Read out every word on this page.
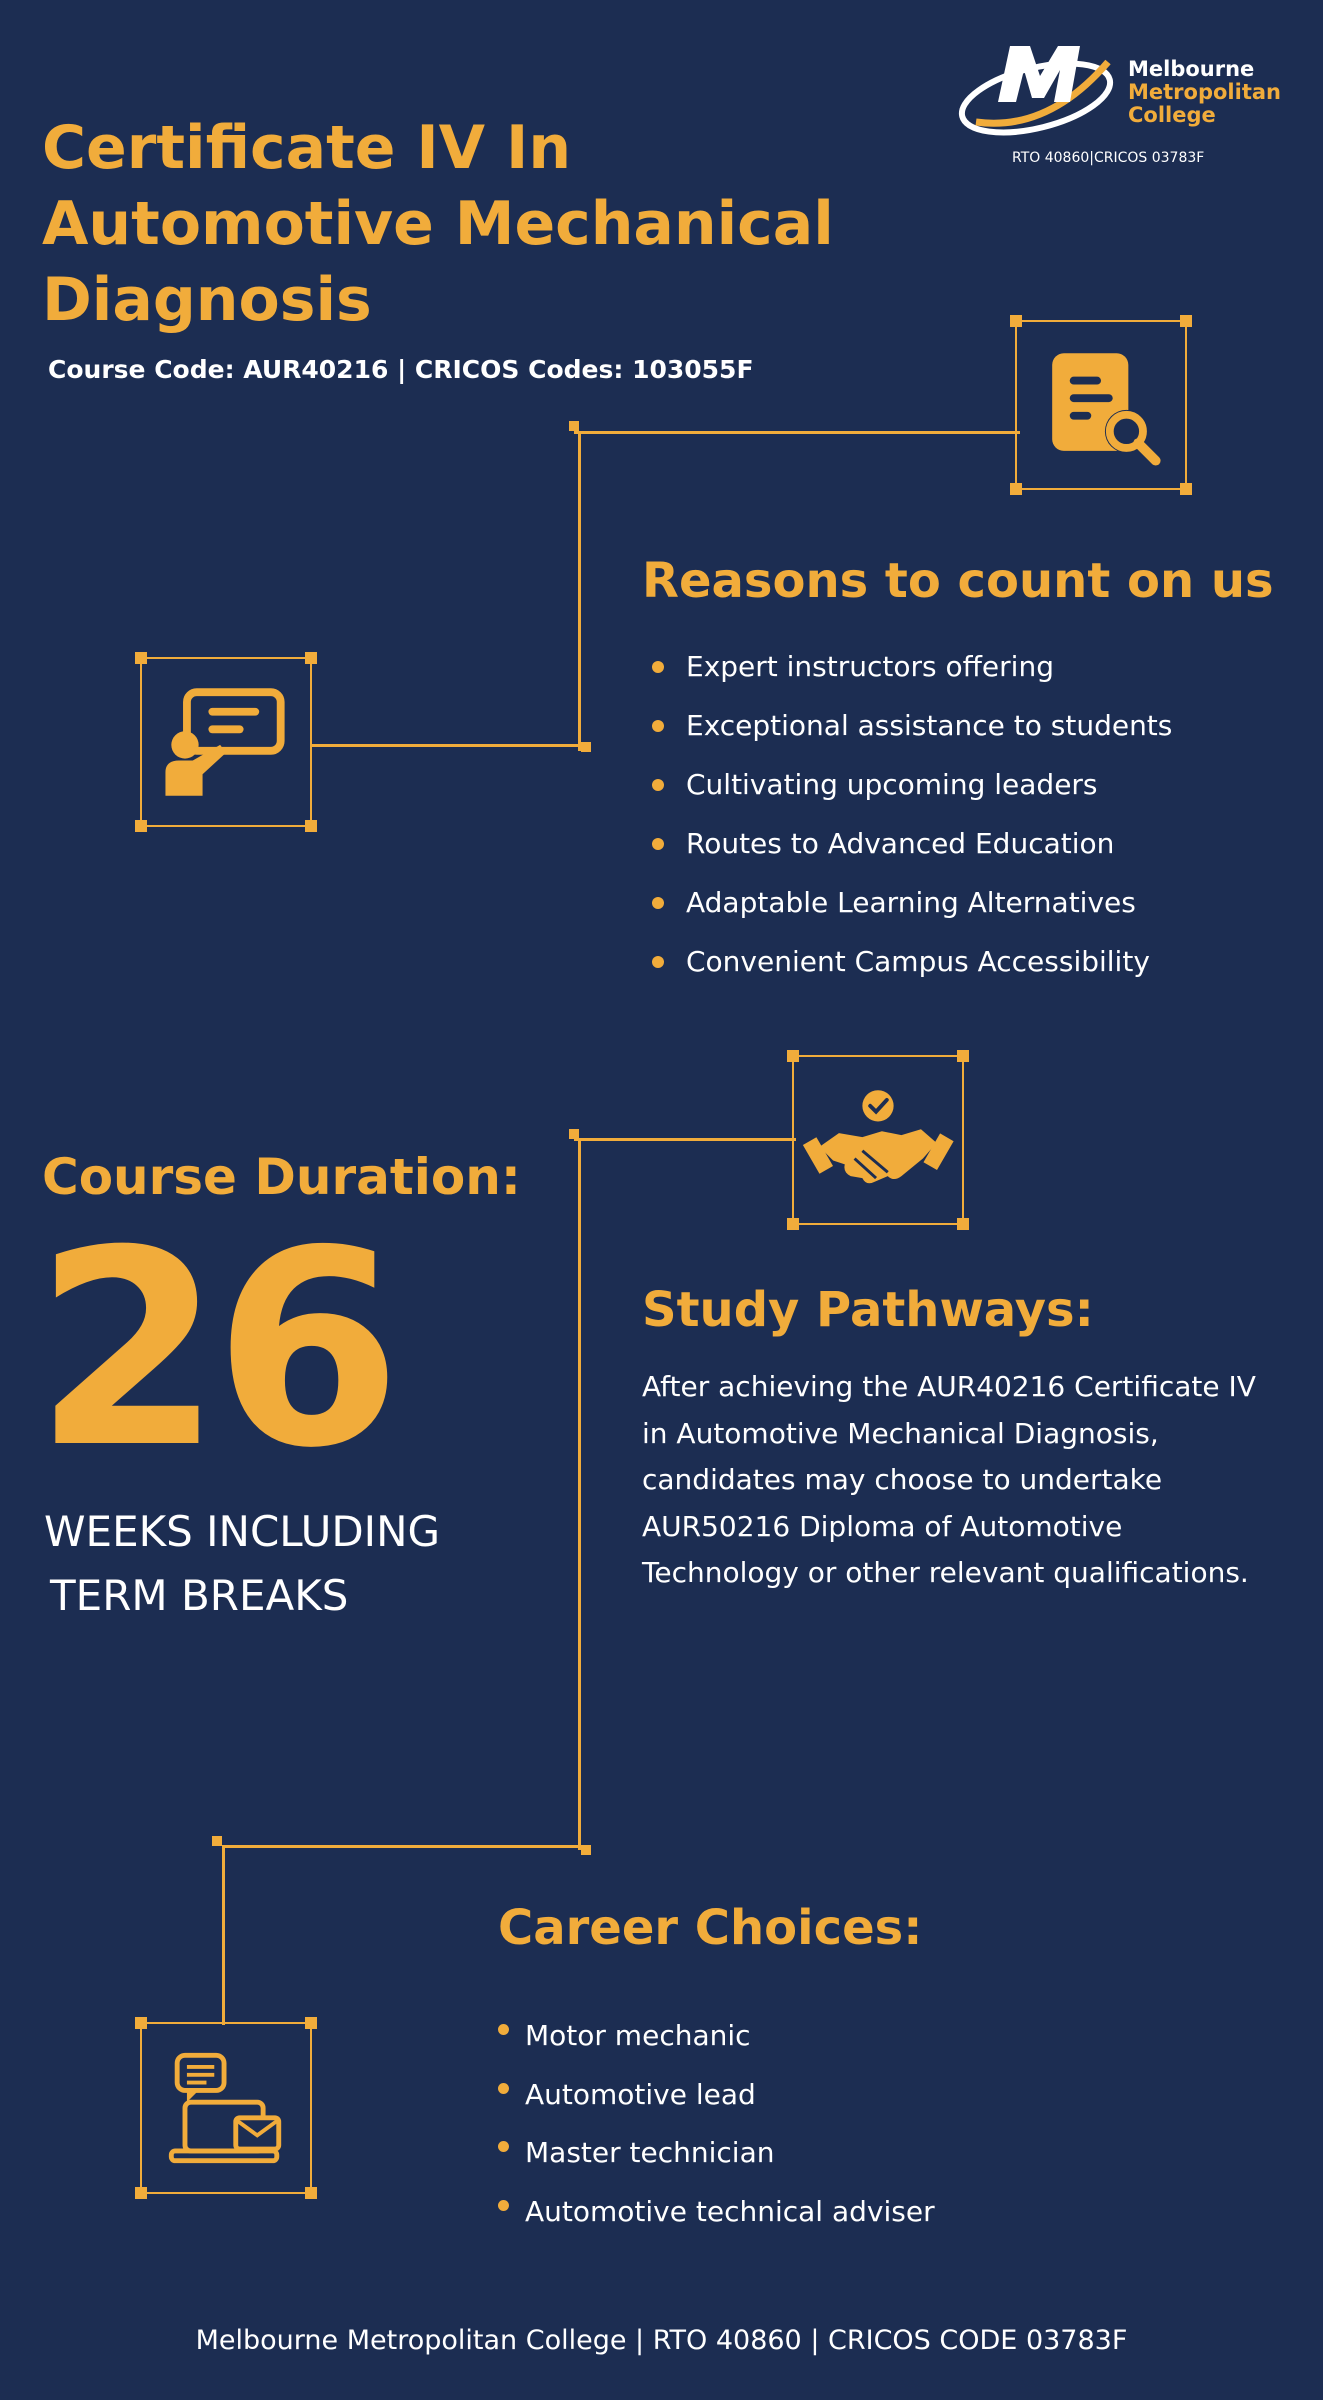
Melbourne
Metropolitan
College
RTO 40860|CRICOS 03783F
Certificate IV In
Automotive Mechanical
Diagnosis
Course Code: AUR40216 | CRICOS Codes: 103055F
Reasons to count on us
Expert instructors offering
Exceptional assistance to students
Cultivating upcoming leaders
Routes to Advanced Education
Adaptable Learning Alternatives
Convenient Campus Accessibility
Course Duration:
26
WEEKS INCLUDING
TERM BREAKS
Study Pathways:
After achieving the AUR40216 Certificate IV in Automotive Mechanical Diagnosis, candidates may choose to undertake AUR50216 Diploma of Automotive Technology or other relevant qualifications.
Career Choices:
Motor mechanic
Automotive lead
Master technician
Automotive technical adviser
Melbourne Metropolitan College | RTO 40860 | CRICOS CODE 03783F
